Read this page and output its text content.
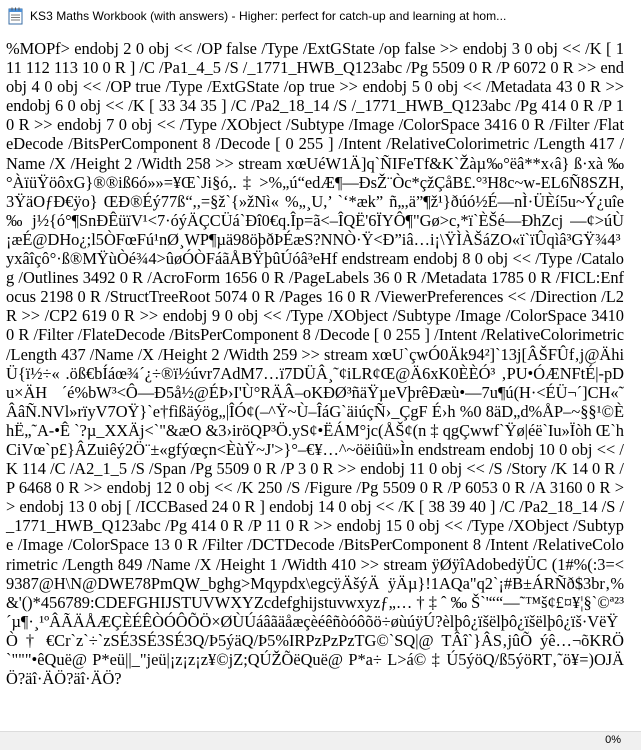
KS3 Maths Workbook (with answers) - Higher: perfect for catch-up and learning at hom...
%MOPf> endobj 2 0 obj << /OP false /Type /ExtGState /op false >> endobj 3 0 obj << /K [ 111 112 113 10 0 R ] /C /Pa1_4_5 /S /_1771_HWB_Q123abc /Pg 5509 0 R /P 6072 0 R >> endobj 4 0 obj << /OP true /Type /ExtGState /op true >> endobj 5 0 obj << /Metadata 43 0 R >> endobj 6 0 obj << /K [ 33 34 35 ] /C /Pa2_18_14 /S /_1771_HWB_Q123abc /Pg 414 0 R /P 1 0 R >> endobj 7 0 obj << /Type /XObject /Subtype /Image /ColorSpace 3416 0 R /Filter /FlateDecode /BitsPerComponent 8 /Decode [ 0 255 ] /Intent /RelativeColorimetric /Length 417 /Name /X /Height 2 /Width 258 >> stream xœUéW1Ä]q`ÑIFeTf&K`Žàµ‰°ëâ**x‹â} ß·xà ‰ °ÀïüŸöôxG}®®iß6ó»»=¥Œ`Ji§ó,. ‡ >%„ú“edÆ¶—ÐsŽ¨Òc*çžÇåB£.°³H8c~w-EL6Ñ8SZH,3ŸäOƒÐ€ÿo} ŒÐ®Éý77ß“,,=§ž`{»žNì« %„¸U,’ `‘*æk” ñ„,ä”¶ž¹}ðúó½É—nÌ·ÜÈí5u~Ý¿uîe ‰ j½{ó°¶SnÐÊüïV¹<7·óýÄÇCÜá`Ðî0€q.Îp=ã<–ÎQË'6ÏYÔ¶"Gø>c,*ï`ÈŠé—ÐhZcj —¢>úÙ¡æÉ@DHo¿;l5ÒFœFú¹nØ¸WP¶µä98öþðÞÉæS?NNÒ·Ÿ<Ð”iâ…i¡\ŸÌÀŠáZO«ï`ïÛqìâ³GŸ¾4³yxâîçô°·ß®MŸùÒé¾4>ûøÓÒFáãÅBŸþûÚóâ³eHf endstream endobj 8 0 obj << /Type /Catalog /Outlines 3492 0 R /AcroForm 1656 0 R /PageLabels 36 0 R /Metadata 1785 0 R /FICL:Enfocus 2198 0 R /StructTreeRoot 5074 0 R /Pages 16 0 R /ViewerPreferences << /Direction /L2R >> /CP2 619 0 R >> endobj 9 0 obj << /Type /XObject /Subtype /Image /ColorSpace 3410 0 R /Filter /FlateDecode /BitsPerComponent 8 /Decode [ 0 255 ] /Intent /RelativeColorimetric /Length 437 /Name /X /Height 2 /Width 259 >> stream xœU`çwÓ0Äk94²]`13j[ÂŠFÛf‚j@ÄhiÜ{ï½÷« .öß€bÍáœ¾´¿÷®ï½úvr7AdM7…ï7DÜÂ¸˜¢iLR¢Œ@Ä6xK0ÈÈÓ³ ‚PU•ÓÆNFtÉ|-pDu×ÄH ´é%bW³<Ô—Ð5å½@ÉÞ›I'Ù°RÄÂ–oKÐØ³ñäŸµeVþrêÐæù•—7u¶ú(H·<ÉÜ¬´]CH«˜ÂâÑ.NVl»rïyV7OŸ}`e†fìßäýög„|ÎÓ¢(–^Ÿ~Ù–ÎáG`äiúçÑ›_ÇgF É›h %0 8äD„d%ÅP–~§§¹©ÈhË„˜A-•Ê `?µ_XXÄj<`"&æO &3›iröQP³Ö.yS¢•ËÁM°jc(ÅŠ¢(n ‡ qgÇwwf`Ÿø|éë`Iu»Ïòh Œ`hCiVœ`p£}ÂZuiêý2Ö¨±«gfýœçn<ÈùŸ~J'>}°–€¥…^~öëiûü»Ìn endstream endobj 10 0 obj << /K 114 /C /A2_1_5 /S /Span /Pg 5509 0 R /P 3 0 R >> endobj 11 0 obj << /S /Story /K 14 0 R /P 6468 0 R >> endobj 12 0 obj << /K 250 /S /Figure /Pg 5509 0 R /P 6053 0 R /A 3160 0 R >> endobj 13 0 obj [ /ICCBased 24 0 R ] endobj 14 0 obj << /K [ 38 39 40 ] /C /Pa2_18_14 /S /_1771_HWB_Q123abc /Pg 414 0 R /P 11 0 R >> endobj 15 0 obj << /Type /XObject /Subtype /Image /ColorSpace 13 0 R /Filter /DCTDecode /BitsPerComponent 8 /Intent /RelativeColorimetric /Length 849 /Name /X /Height 1 /Width 410 >> stream ÿØÿîAdobedÿÜC (1#%(:3=<9387@H\N@DWE78PmQW_bghg>Mqypdx\egcÿÄšýÄ ÿÄµ}!1AQa"q2`¡#B±ÁRÑð$3br‚%&'()*456789:CDEFGHIJSTUVWXYZcdefghijstuvwxyzƒ„… † ‡ ˆ ‰ Š`'““—˜™š¢£¤¥¦§`©ª²³´µ¶·¸¹ºÂÃÄÅÆÇÈÉÊÒÓÔÕÖ×ØÙÚáâãäåæçèéêñòóôõö÷øùúÿÚ?èlþô¿ïšëlþô¿ïšëlþô¿ïš·VëŸ Ò † €Cr`z`÷`zSÉ3SÉ3SÉ3Q/Þ5ýäQ/Þ5%IRPzPzPzTG©`SQ|@ TÂî`}ÂS‚jûÕ ýê…¬õKRÖ`"""•êQuë@ P*eü||_"jeü|¡z¡z¡z¥©jZ;QÚŽÕëQuë@ P*a÷ L>á© ‡ Ú5ýöQ/ß5ýöRT‚˜ö¥=)OJÄÖ?äî·ÄÖ?äî·ÄÖ?
0%
